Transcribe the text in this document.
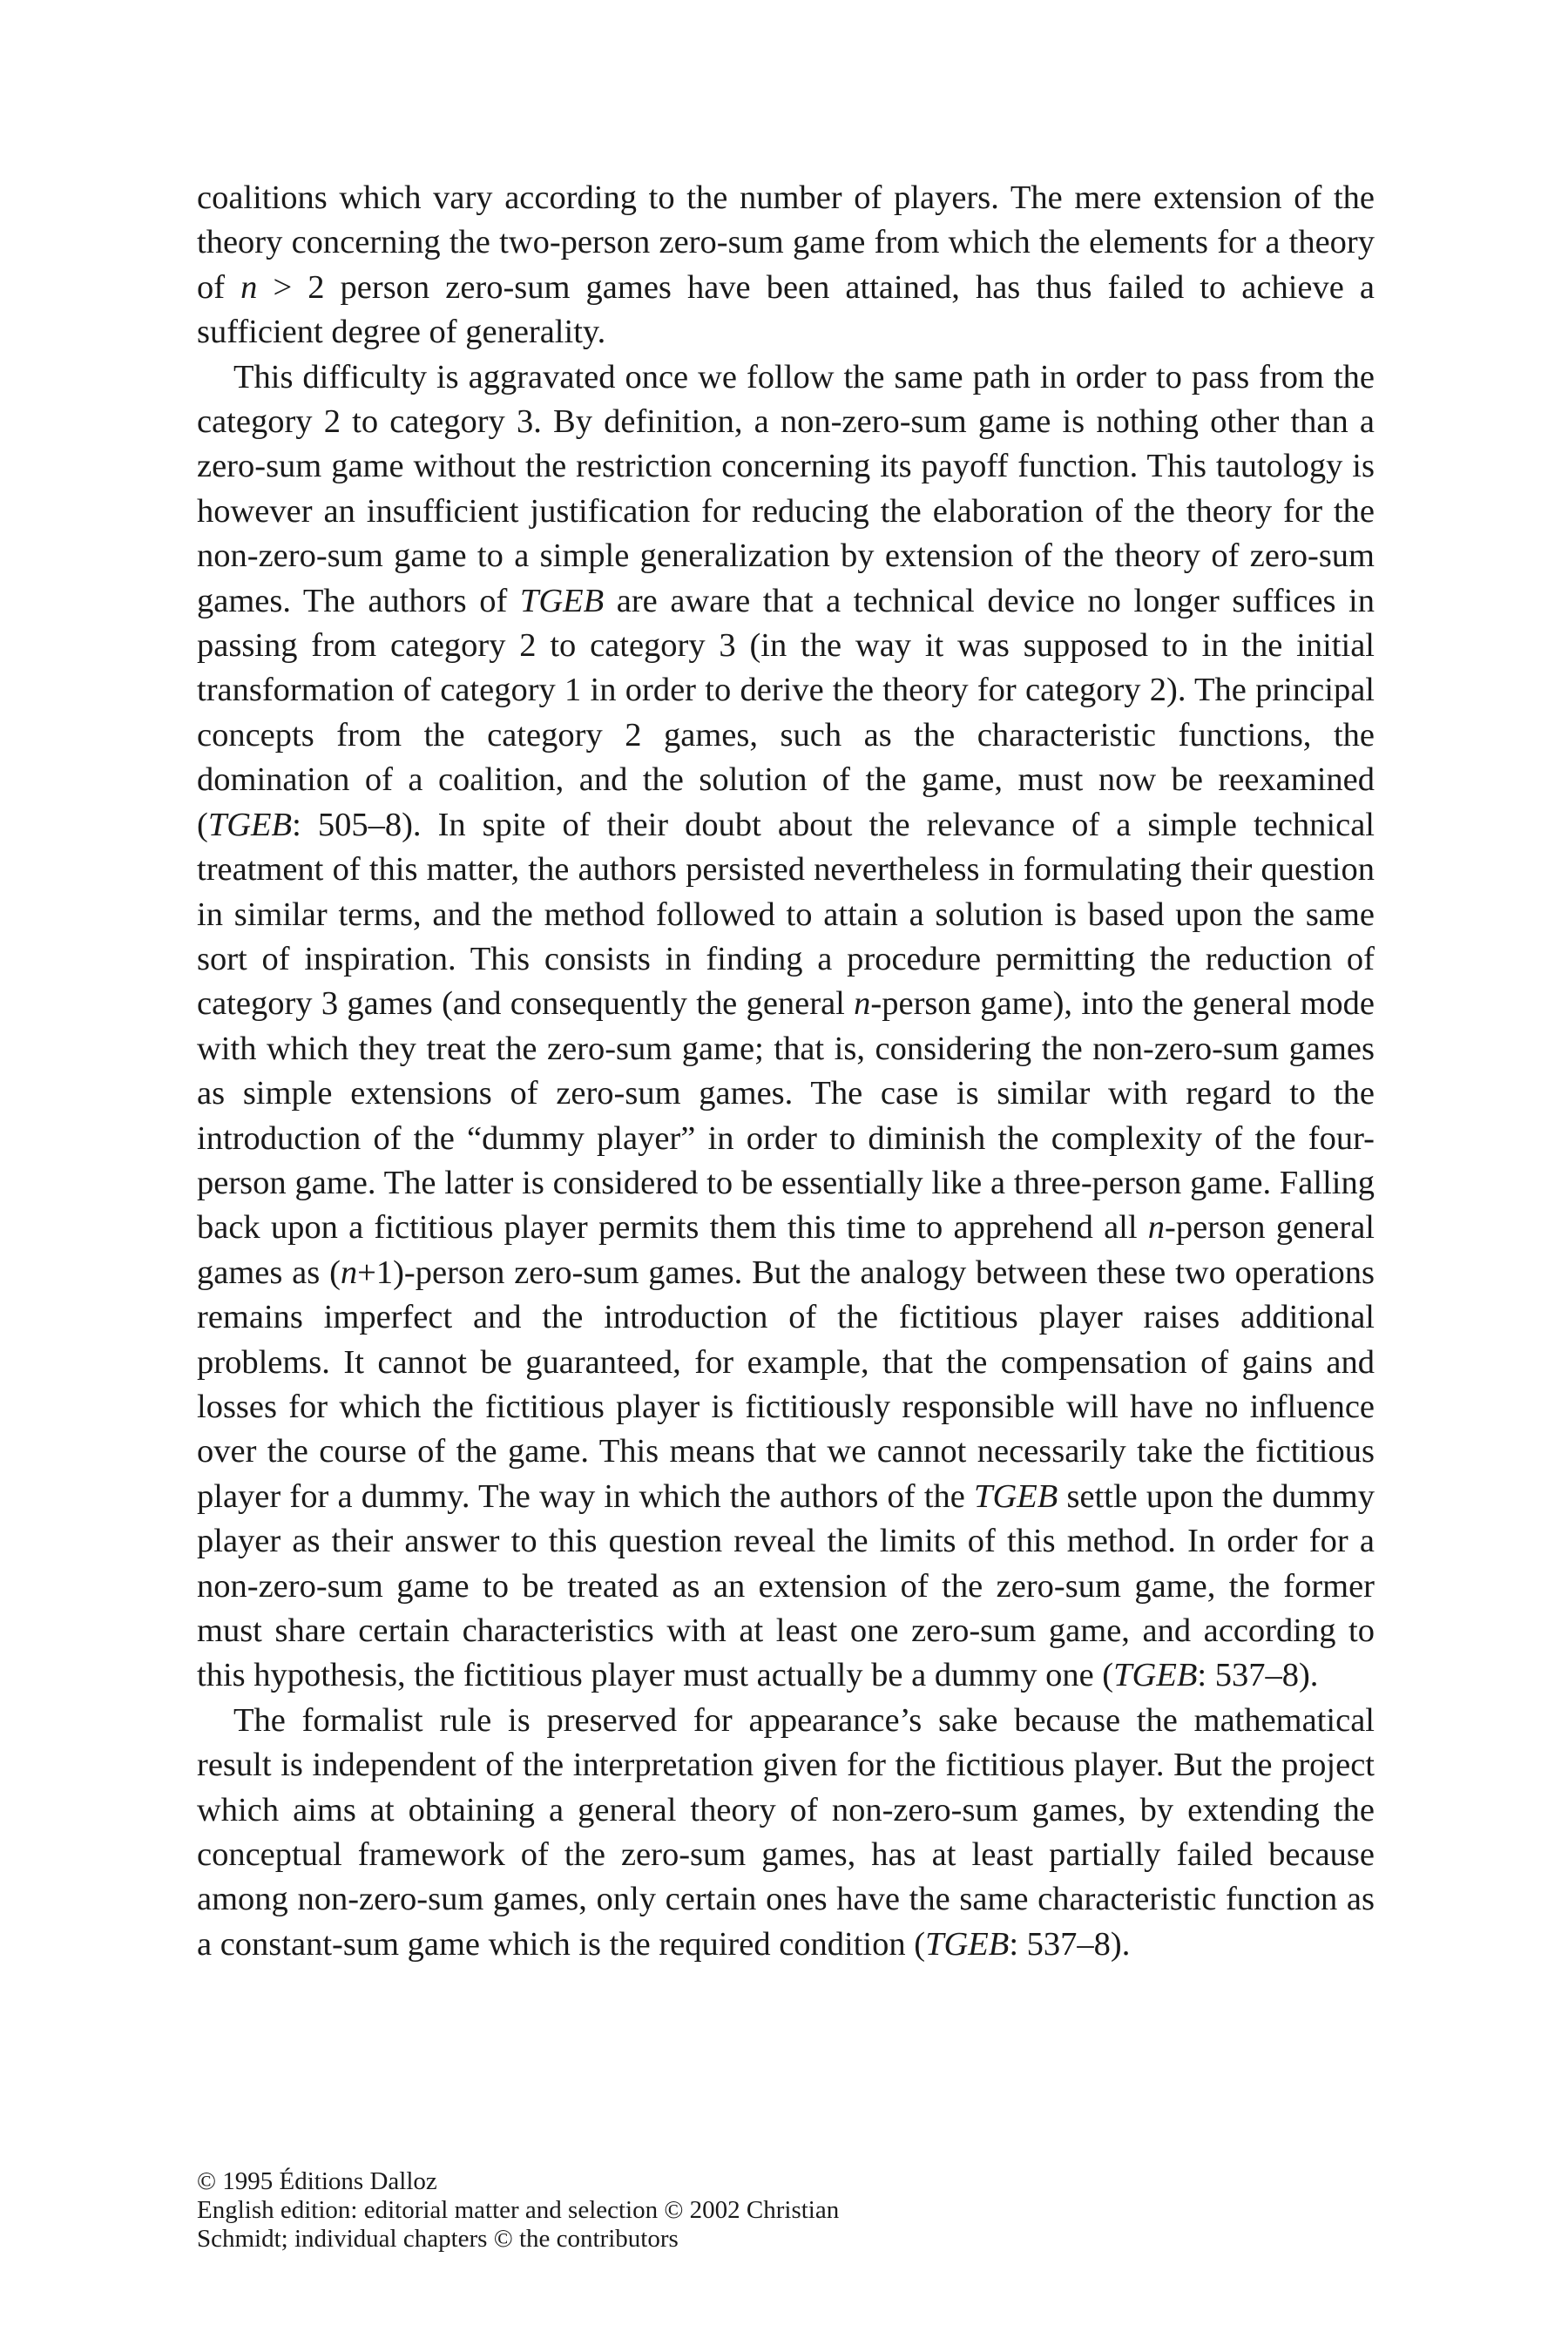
coalitions which vary according to the number of players. The mere extension of the theory concerning the two-person zero-sum game from which the elements for a theory of n > 2 person zero-sum games have been attained, has thus failed to achieve a sufficient degree of generality.

This difficulty is aggravated once we follow the same path in order to pass from the category 2 to category 3. By definition, a non-zero-sum game is nothing other than a zero-sum game without the restriction concerning its payoff function. This tautology is however an insufficient justification for reducing the elaboration of the theory for the non-zero-sum game to a simple generalization by extension of the theory of zero-sum games. The authors of TGEB are aware that a technical device no longer suffices in passing from category 2 to category 3 (in the way it was supposed to in the initial transformation of category 1 in order to derive the theory for category 2). The principal concepts from the category 2 games, such as the characteristic functions, the domination of a coalition, and the solution of the game, must now be reexamined (TGEB: 505–8). In spite of their doubt about the relevance of a simple technical treatment of this matter, the authors persisted nevertheless in formulating their question in similar terms, and the method followed to attain a solution is based upon the same sort of inspiration. This consists in finding a procedure permitting the reduction of category 3 games (and consequently the general n-person game), into the general mode with which they treat the zero-sum game; that is, considering the non-zero-sum games as simple extensions of zero-sum games. The case is similar with regard to the introduction of the “dummy player” in order to diminish the complexity of the four-person game. The latter is considered to be essentially like a three-person game. Falling back upon a fictitious player permits them this time to apprehend all n-person general games as (n+1)-person zero-sum games. But the analogy between these two operations remains imperfect and the introduction of the fictitious player raises additional problems. It cannot be guaranteed, for example, that the compensation of gains and losses for which the fictitious player is fictitiously responsible will have no influence over the course of the game. This means that we cannot necessarily take the fictitious player for a dummy. The way in which the authors of the TGEB settle upon the dummy player as their answer to this question reveal the limits of this method. In order for a non-zero-sum game to be treated as an extension of the zero-sum game, the former must share certain characteristics with at least one zero-sum game, and according to this hypothesis, the fictitious player must actually be a dummy one (TGEB: 537–8).

The formalist rule is preserved for appearance’s sake because the mathematical result is independent of the interpretation given for the fictitious player. But the project which aims at obtaining a general theory of non-zero-sum games, by extending the conceptual framework of the zero-sum games, has at least partially failed because among non-zero-sum games, only certain ones have the same characteristic function as a constant-sum game which is the required condition (TGEB: 537–8).

© 1995 Éditions Dalloz
English edition: editorial matter and selection © 2002 Christian
Schmidt; individual chapters © the contributors
